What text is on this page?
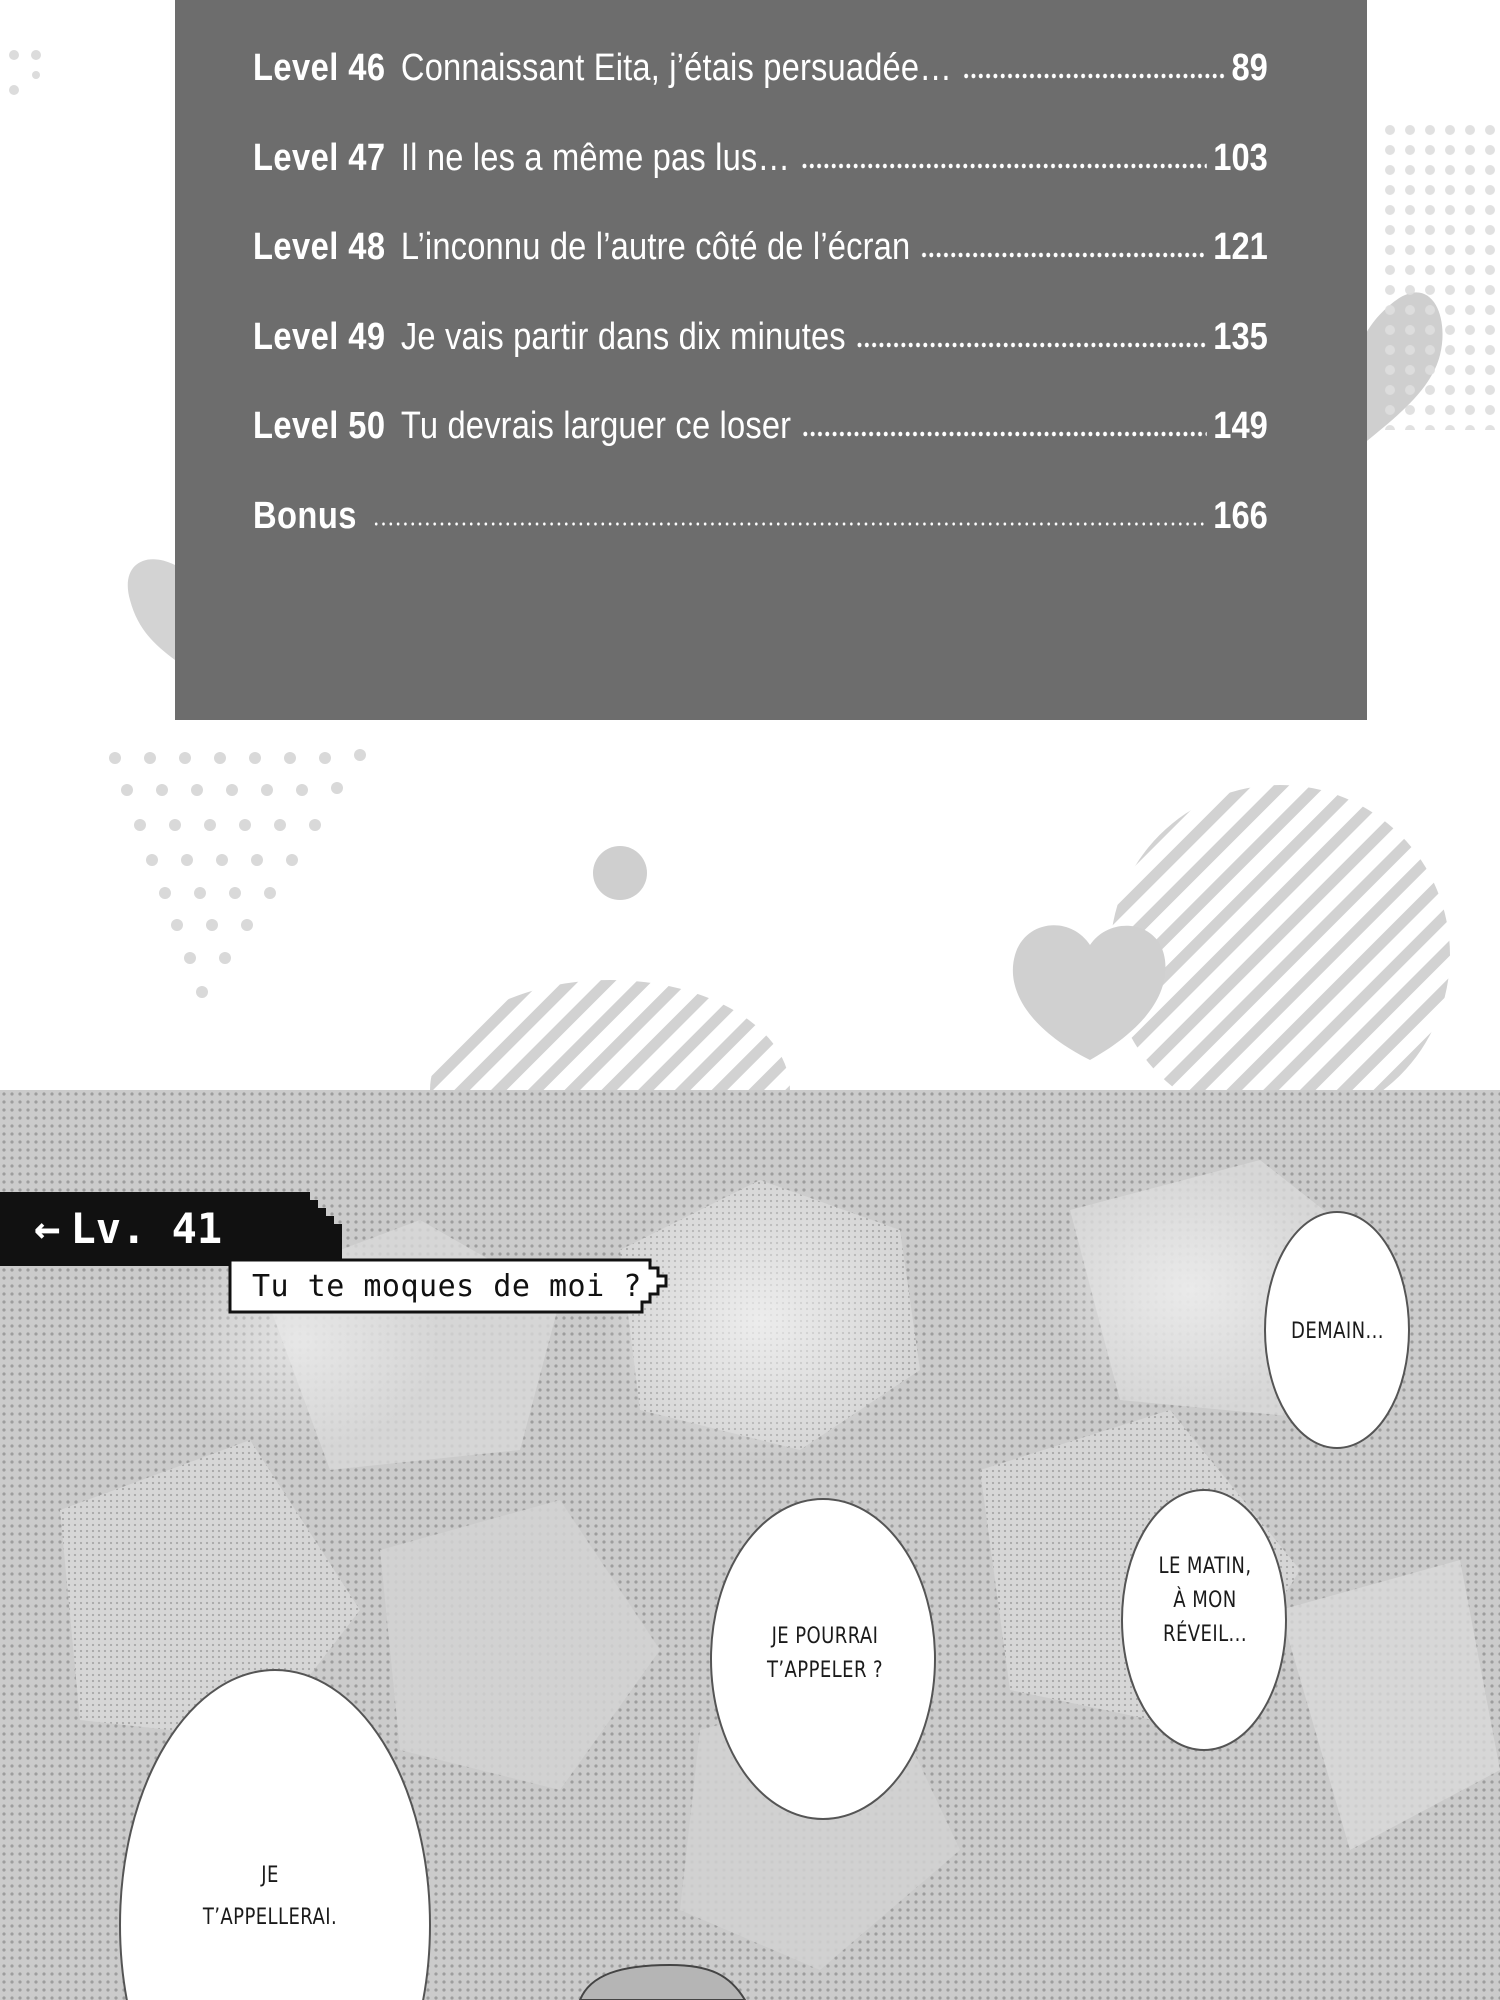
Level 46 Connaissant Eita, j’étais persuadée…	89
Level 47 Il ne les a même pas lus…	103
Level 48 L’inconnu de l’autre côté de l’écran	121
Level 49 Je vais partir dans dix minutes	135
Level 50 Tu devrais larguer ce loser	149
Bonus	166
← Lv. 41
Tu te moques de moi ?
DEMAIN...
LE MATIN,
À MON
RÉVEIL...
JE POURRAI
T’APPELER ?
JE
T’APPELLERAI.
